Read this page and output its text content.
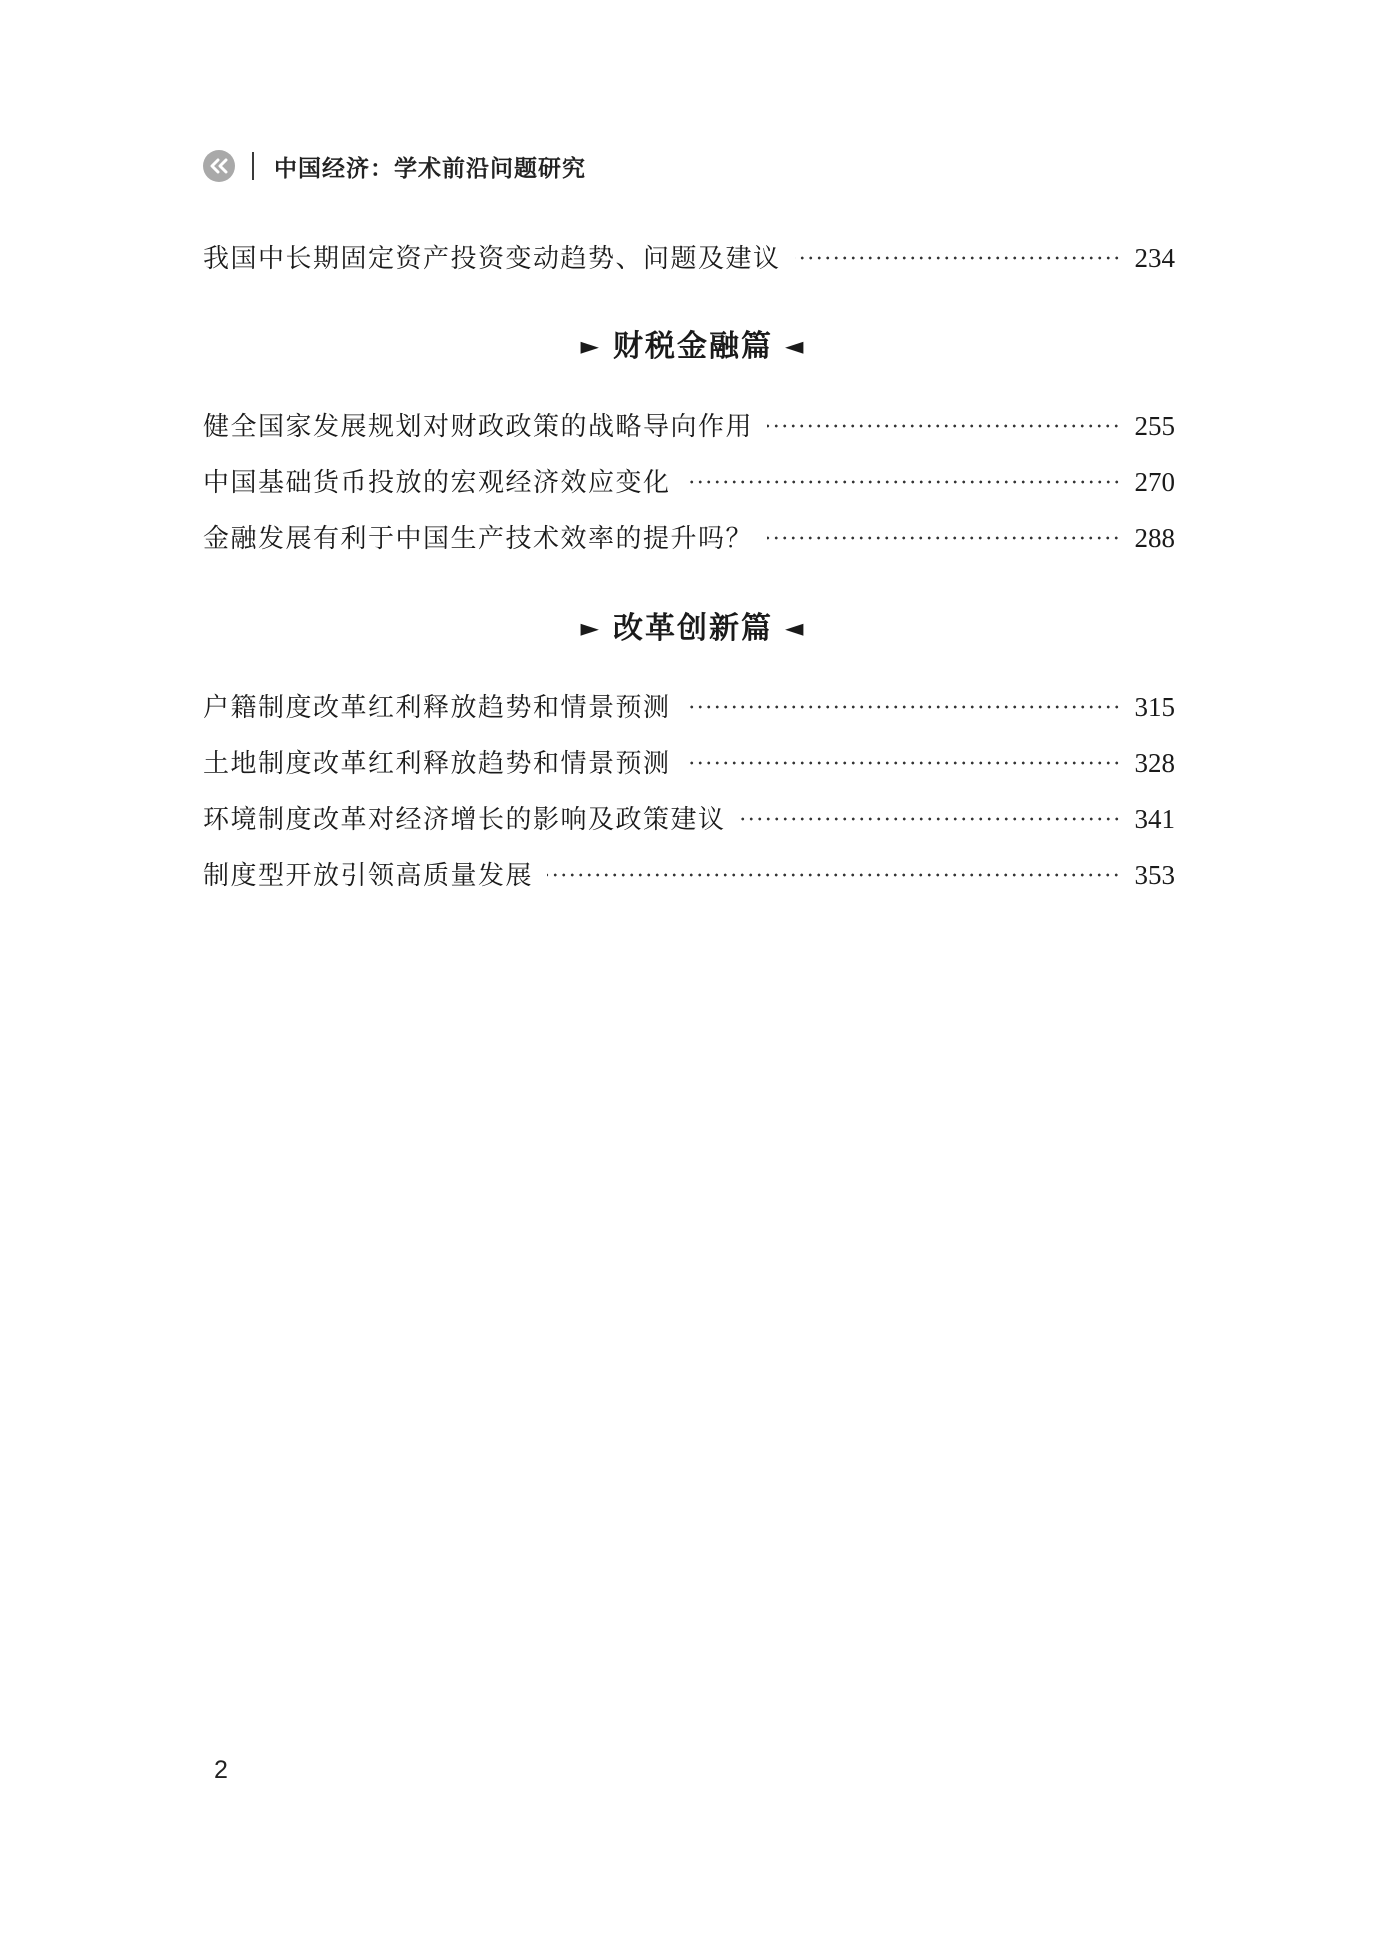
中国经济：学术前沿问题研究
我国中长期固定资产投资变动趋势、问题及建议	234
► 财税金融篇 ◄
健全国家发展规划对财政政策的战略导向作用	255
中国基础货币投放的宏观经济效应变化	270
金融发展有利于中国生产技术效率的提升吗？	288
► 改革创新篇 ◄
户籍制度改革红利释放趋势和情景预测	315
土地制度改革红利释放趋势和情景预测	328
环境制度改革对经济增长的影响及政策建议	341
制度型开放引领高质量发展	353
2
